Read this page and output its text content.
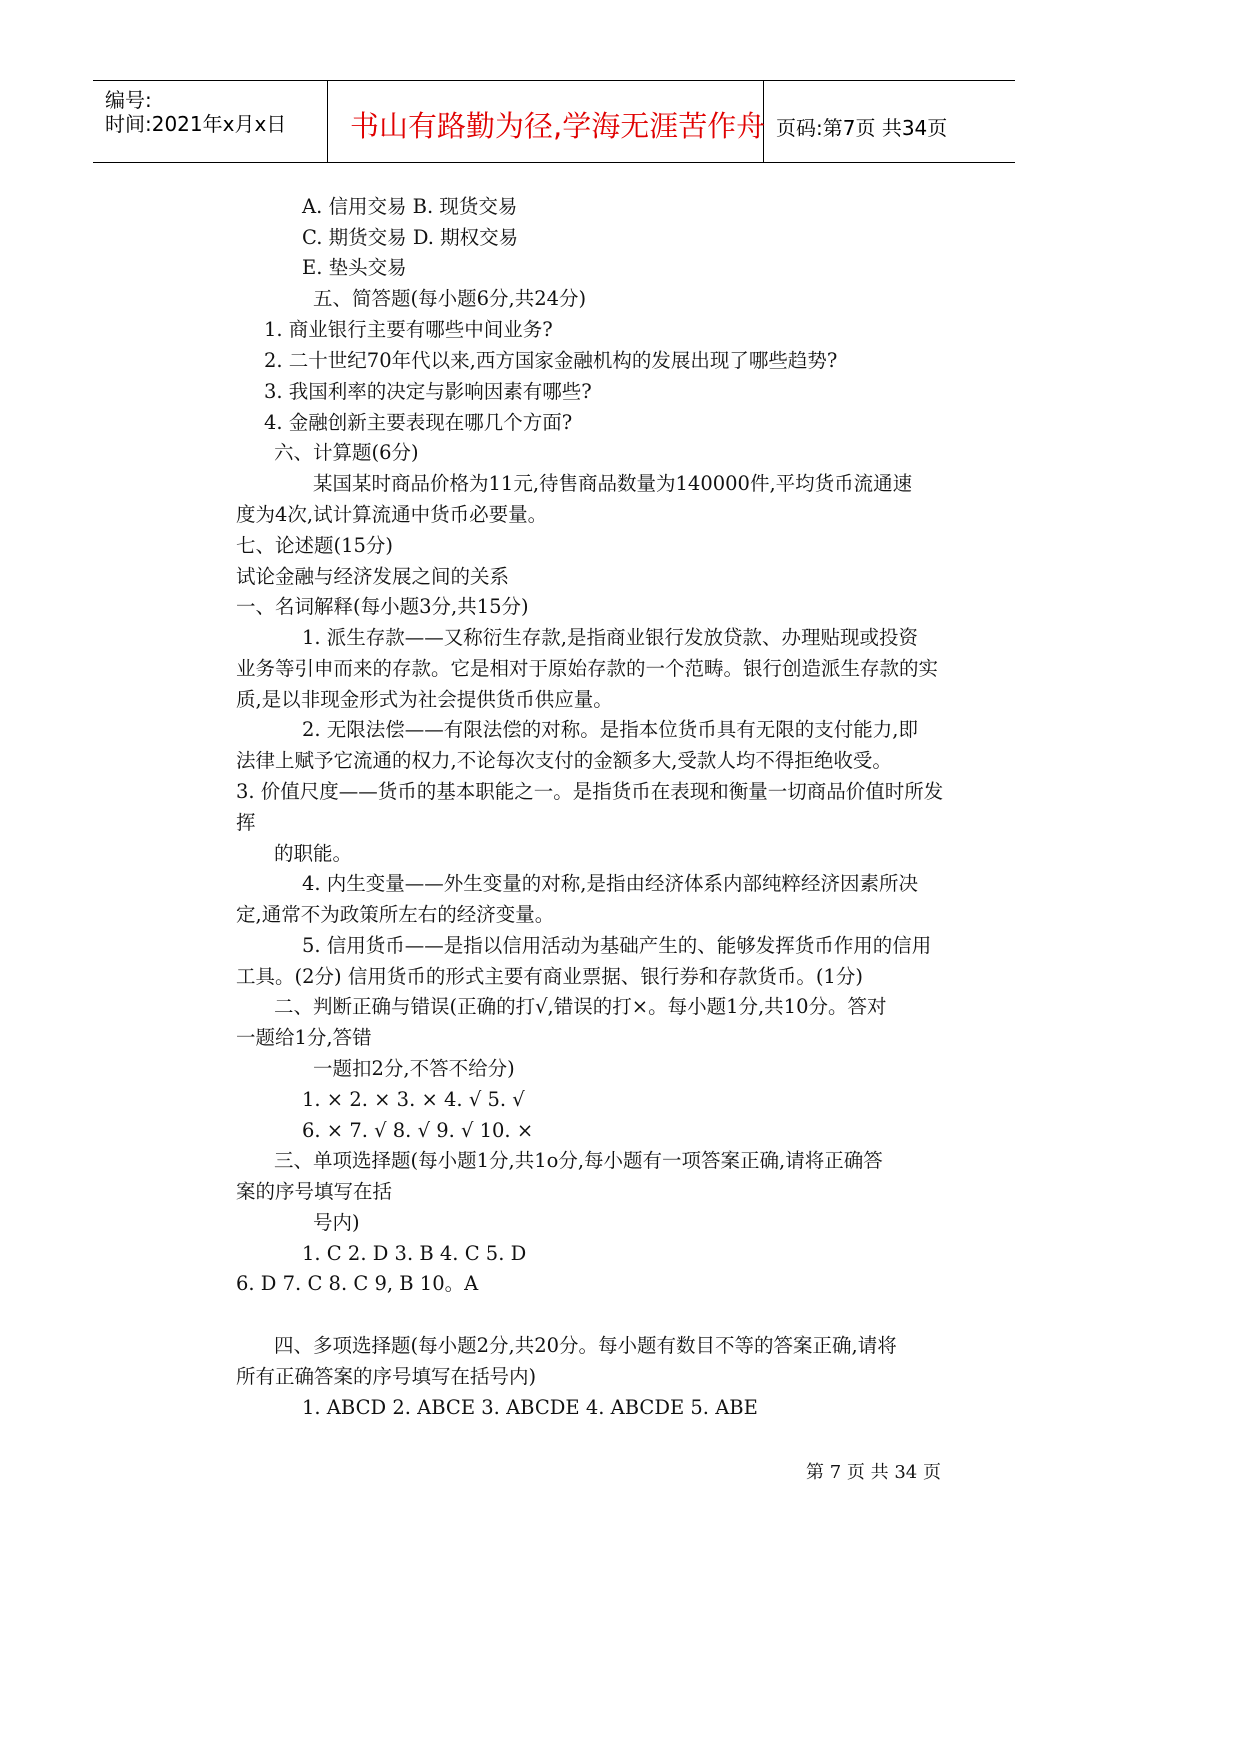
编号:
时间:2021年x月x日 书山有路勤为径,学海无涯苦作舟 页码:第7页 共34页
A. 信用交易 B. 现货交易
C. 期货交易 D. 期权交易
E. 垫头交易
五、简答题(每小题6分,共24分)
1. 商业银行主要有哪些中间业务?
2. 二十世纪70年代以来,西方国家金融机构的发展出现了哪些趋势?
3. 我国利率的决定与影响因素有哪些?
4. 金融创新主要表现在哪几个方面?
六、计算题(6分)
某国某时商品价格为11元,待售商品数量为140000件,平均货币流通速
度为4次,试计算流通中货币必要量。
七、论述题(15分)
试论金融与经济发展之间的关系
一、名词解释(每小题3分,共15分)
1. 派生存款——又称衍生存款,是指商业银行发放贷款、办理贴现或投资
业务等引申而来的存款。它是相对于原始存款的一个范畴。银行创造派生存款的实
质,是以非现金形式为社会提供货币供应量。
2. 无限法偿——有限法偿的对称。是指本位货币具有无限的支付能力,即
法律上赋予它流通的权力,不论每次支付的金额多大,受款人均不得拒绝收受。
3. 价值尺度——货币的基本职能之一。是指货币在表现和衡量一切商品价值时所发
挥
的职能。
4. 内生变量——外生变量的对称,是指由经济体系内部纯粹经济因素所决
定,通常不为政策所左右的经济变量。
5. 信用货币——是指以信用活动为基础产生的、能够发挥货币作用的信用
工具。(2分) 信用货币的形式主要有商业票据、银行券和存款货币。(1分)
二、判断正确与错误(正确的打√,错误的打×。每小题1分,共10分。答对
一题给1分,答错
一题扣2分,不答不给分)
1. × 2. × 3. × 4. √ 5. √
6. × 7. √ 8. √ 9. √ 10. ×
三、单项选择题(每小题1分,共1o分,每小题有一项答案正确,请将正确答
案的序号填写在括
号内)
1. C 2. D 3. B 4. C 5. D
6. D 7. C 8. C 9, B 10。A
四、多项选择题(每小题2分,共20分。每小题有数目不等的答案正确,请将
所有正确答案的序号填写在括号内)
1. ABCD 2. ABCE 3. ABCDE 4. ABCDE 5. ABE
第 7 页 共 34 页
